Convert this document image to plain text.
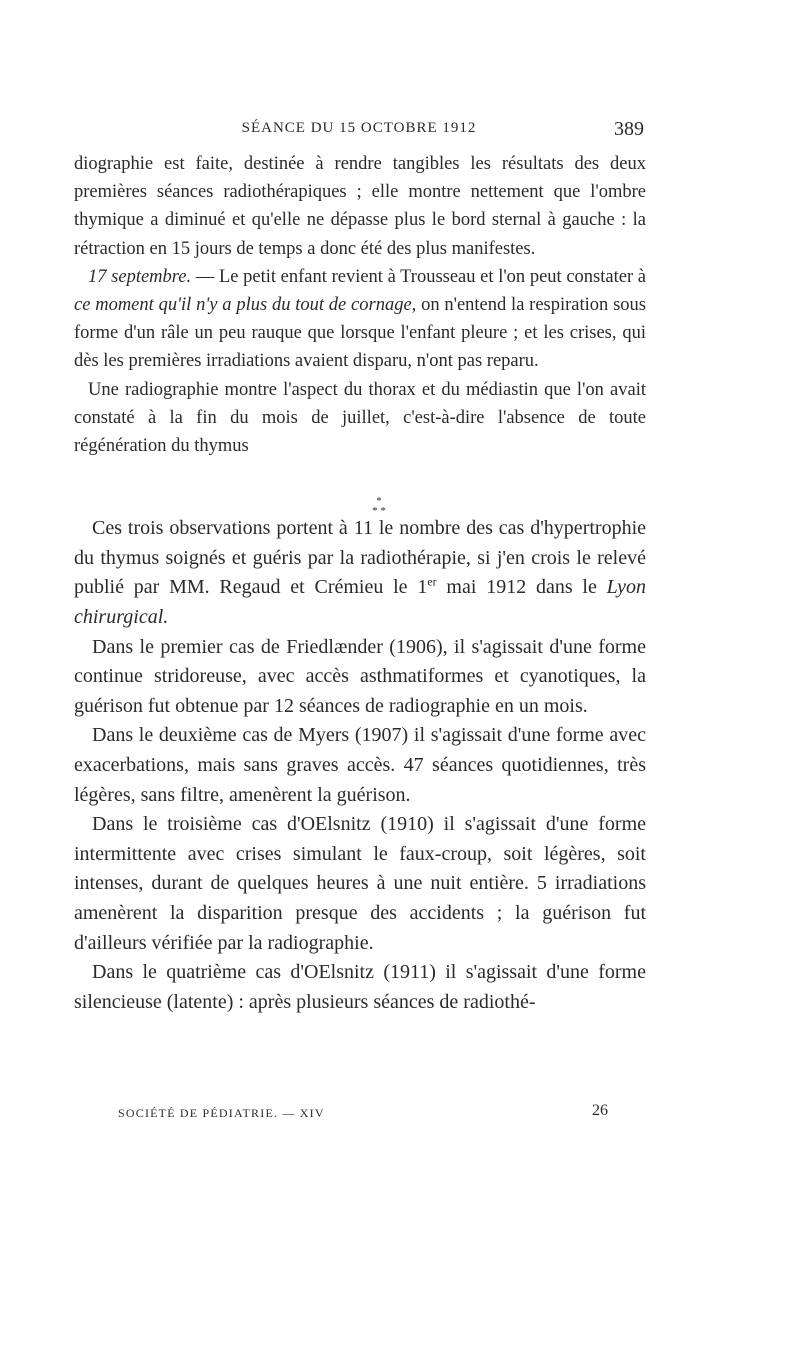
SÉANCE DU 15 OCTOBRE 1912	389

diographie est faite, destinée à rendre tangibles les résultats des deux premières séances radiothérapiques ; elle montre nettement que l'ombre thymique a diminué et qu'elle ne dépasse plus le bord sternal à gauche : la rétraction en 15 jours de temps a donc été des plus manifestes.

17 septembre. — Le petit enfant revient à Trousseau et l'on peut constater à ce moment qu'il n'y a plus du tout de cornage, on n'entend la respiration sous forme d'un râle un peu rauque que lorsque l'enfant pleure ; et les crises, qui dès les premières irradiations avaient disparu, n'ont pas reparu.

Une radiographie montre l'aspect du thorax et du médiastin que l'on avait constaté à la fin du mois de juillet, c'est-à-dire l'absence de toute régénération du thymus

*
* *

Ces trois observations portent à 11 le nombre des cas d'hypertrophie du thymus soignés et guéris par la radiothérapie, si j'en crois le relevé publié par MM. Regaud et Crémieu le 1er mai 1912 dans le Lyon chirurgical.

Dans le premier cas de Friedlænder (1906), il s'agissait d'une forme continue stridoreuse, avec accès asthmatiformes et cyanotiques, la guérison fut obtenue par 12 séances de radiographie en un mois.

Dans le deuxième cas de Myers (1907) il s'agissait d'une forme avec exacerbations, mais sans graves accès. 47 séances quotidiennes, très légères, sans filtre, amenèrent la guérison.

Dans le troisième cas d'OElsnitz (1910) il s'agissait d'une forme intermittente avec crises simulant le faux-croup, soit légères, soit intenses, durant de quelques heures à une nuit entière. 5 irradiations amenèrent la disparition presque des accidents ; la guérison fut d'ailleurs vérifiée par la radiographie.

Dans le quatrième cas d'OElsnitz (1911) il s'agissait d'une forme silencieuse (latente) : après plusieurs séances de radiothé-

SOCIÉTÉ DE PÉDIATRIE. — XIV	26
